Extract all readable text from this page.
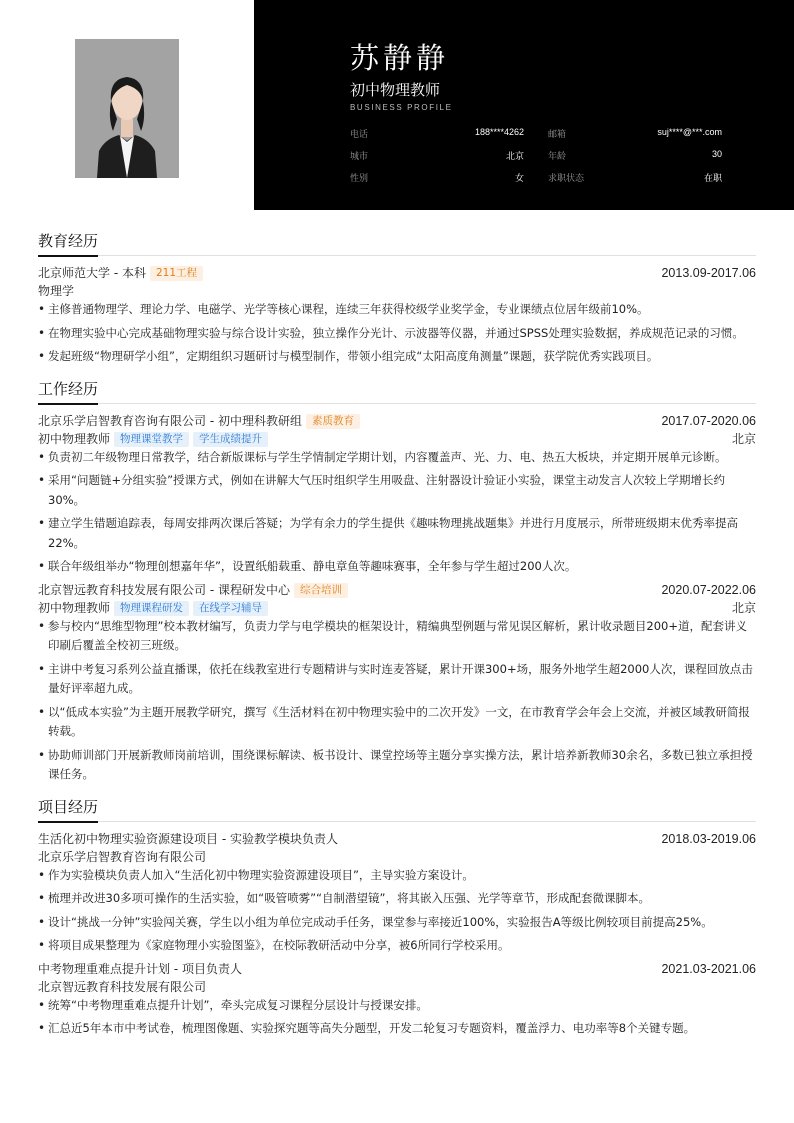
苏静静
初中物理教师
BUSINESS PROFILE
电话	188****4262	邮箱	suj****@***.com
城市	北京	年龄	30
性别	女	求职状态	在职
教育经历
北京师范大学 - 本科 211工程	2013.09-2017.06
物理学
• 主修普通物理学、理论力学、电磁学、光学等核心课程，连续三年获得校级学业奖学金，专业课绩点位居年级前10%。
• 在物理实验中心完成基础物理实验与综合设计实验，独立操作分光计、示波器等仪器，并通过SPSS处理实验数据，养成规范记录的习惯。
• 发起班级“物理研学小组”，定期组织习题研讨与模型制作，带领小组完成“太阳高度角测量”课题，获学院优秀实践项目。
工作经历
北京乐学启智教育咨询有限公司 - 初中理科教研组 素质教育	2017.07-2020.06
初中物理教师 物理课堂教学 学生成绩提升	北京
• 负责初二年级物理日常教学，结合新版课标与学生学情制定学期计划，内容覆盖声、光、力、电、热五大板块，并定期开展单元诊断。
• 采用“问题链+分组实验”授课方式，例如在讲解大气压时组织学生用吸盘、注射器设计验证小实验，课堂主动发言人次较上学期增长约30%。
• 建立学生错题追踪表，每周安排两次课后答疑；为学有余力的学生提供《趣味物理挑战题集》并进行月度展示，所带班级期末优秀率提高22%。
• 联合年级组举办“物理创想嘉年华”，设置纸船载重、静电章鱼等趣味赛事，全年参与学生超过200人次。
北京智远教育科技发展有限公司 - 课程研发中心 综合培训	2020.07-2022.06
初中物理教师 物理课程研发 在线学习辅导	北京
• 参与校内“思维型物理”校本教材编写，负责力学与电学模块的框架设计，精编典型例题与常见误区解析，累计收录题目200+道，配套讲义印刷后覆盖全校初三班级。
• 主讲中考复习系列公益直播课，依托在线教室进行专题精讲与实时连麦答疑，累计开课300+场，服务外地学生超2000人次，课程回放点击量好评率超九成。
• 以“低成本实验”为主题开展教学研究，撰写《生活材料在初中物理实验中的二次开发》一文，在市教育学会年会上交流，并被区域教研简报转载。
• 协助师训部门开展新教师岗前培训，围绕课标解读、板书设计、课堂控场等主题分享实操方法，累计培养新教师30余名，多数已独立承担授课任务。
项目经历
生活化初中物理实验资源建设项目 - 实验教学模块负责人	2018.03-2019.06
北京乐学启智教育咨询有限公司
• 作为实验模块负责人加入“生活化初中物理实验资源建设项目”，主导实验方案设计。
• 梳理并改进30多项可操作的生活实验，如“吸管喷雾”“自制潜望镜”，将其嵌入压强、光学等章节，形成配套微课脚本。
• 设计“挑战一分钟”实验闯关赛，学生以小组为单位完成动手任务，课堂参与率接近100%，实验报告A等级比例较项目前提高25%。
• 将项目成果整理为《家庭物理小实验图鉴》，在校际教研活动中分享，被6所同行学校采用。
中考物理重难点提升计划 - 项目负责人	2021.03-2021.06
北京智远教育科技发展有限公司
• 统筹“中考物理重难点提升计划”，牵头完成复习课程分层设计与授课安排。
• 汇总近5年本市中考试卷，梳理图像题、实验探究题等高失分题型，开发二轮复习专题资料，覆盖浮力、电功率等8个关键专题。
